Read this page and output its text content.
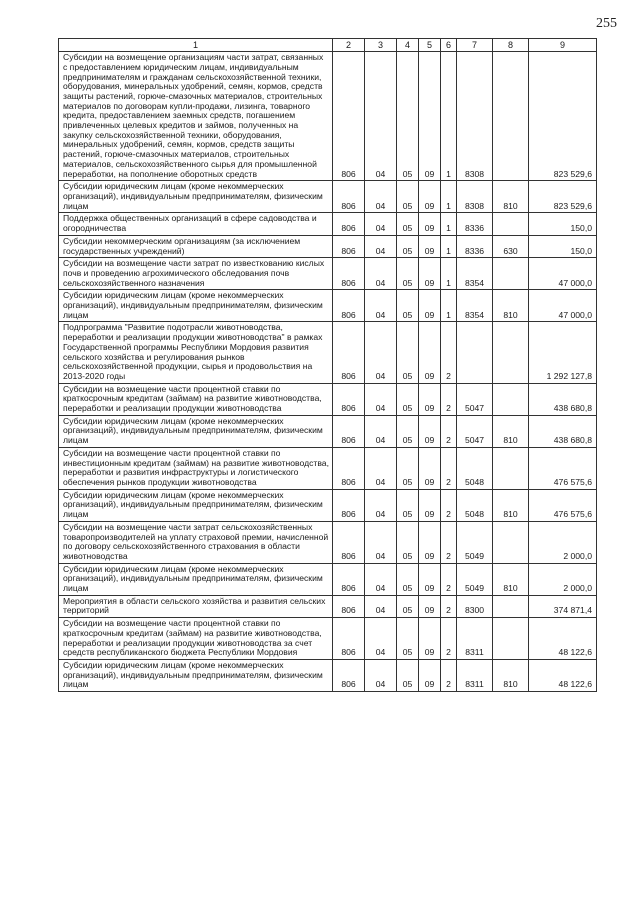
255
1	2	3	4	5	6	7	8	9
Субсидии на возмещение организациям части затрат, связанных с предоставлением юридическим лицам, индивидуальным предпринимателям и гражданам сельскохозяйственной техники, оборудования, минеральных удобрений, семян, кормов, средств защиты растений, горюче-смазочных материалов, строительных материалов по договорам купли-продажи, лизинга, товарного кредита, предоставлением заемных средств, погашением привлеченных целевых кредитов и займов, полученных на закупку сельскохозяйственной техники, оборудования, минеральных удобрений, семян, кормов, средств защиты растений, горюче-смазочных материалов, строительных материалов, сельскохозяйственного сырья для промышленной переработки, на пополнение оборотных средств	806	04	05	09	1	8308		823 529,6
Субсидии юридическим лицам (кроме некоммерческих организаций), индивидуальным предпринимателям, физическим лицам	806	04	05	09	1	8308	810	823 529,6
Поддержка общественных организаций в сфере садоводства и огородничества	806	04	05	09	1	8336		150,0
Субсидии некоммерческим организациям (за исключением государственных учреждений)	806	04	05	09	1	8336	630	150,0
Субсидии на возмещение части затрат по известкованию кислых почв и проведению агрохимического обследования почв сельскохозяйственного назначения	806	04	05	09	1	8354		47 000,0
Субсидии юридическим лицам (кроме некоммерческих организаций), индивидуальным предпринимателям, физическим лицам	806	04	05	09	1	8354	810	47 000,0
Подпрограмма "Развитие подотрасли животноводства, переработки и реализации продукции животноводства" в рамках Государственной программы Республики Мордовия развития сельского хозяйства и регулирования рынков сельскохозяйственной продукции, сырья и продовольствия на 2013-2020 годы	806	04	05	09	2			1 292 127,8
Субсидии на возмещение части процентной ставки по краткосрочным кредитам (займам) на развитие животноводства, переработки и реализации продукции животноводства	806	04	05	09	2	5047		438 680,8
Субсидии юридическим лицам (кроме некоммерческих организаций), индивидуальным предпринимателям, физическим лицам	806	04	05	09	2	5047	810	438 680,8
Субсидии на возмещение части процентной ставки по инвестиционным кредитам (займам) на развитие животноводства, переработки и развития инфраструктуры и логистического обеспечения рынков продукции животноводства	806	04	05	09	2	5048		476 575,6
Субсидии юридическим лицам (кроме некоммерческих организаций), индивидуальным предпринимателям, физическим лицам	806	04	05	09	2	5048	810	476 575,6
Субсидии на возмещение части затрат сельскохозяйственных товаропроизводителей на уплату страховой премии, начисленной по договору сельскохозяйственного страхования в области животноводства	806	04	05	09	2	5049		2 000,0
Субсидии юридическим лицам (кроме некоммерческих организаций), индивидуальным предпринимателям, физическим лицам	806	04	05	09	2	5049	810	2 000,0
Мероприятия в области сельского хозяйства и развития сельских территорий	806	04	05	09	2	8300		374 871,4
Субсидии на возмещение части процентной ставки по краткосрочным кредитам (займам) на развитие животноводства, переработки и реализации продукции животноводства за счет средств республиканского бюджета Республики Мордовия	806	04	05	09	2	8311		48 122,6
Субсидии юридическим лицам (кроме некоммерческих организаций), индивидуальным предпринимателям, физическим лицам	806	04	05	09	2	8311	810	48 122,6
